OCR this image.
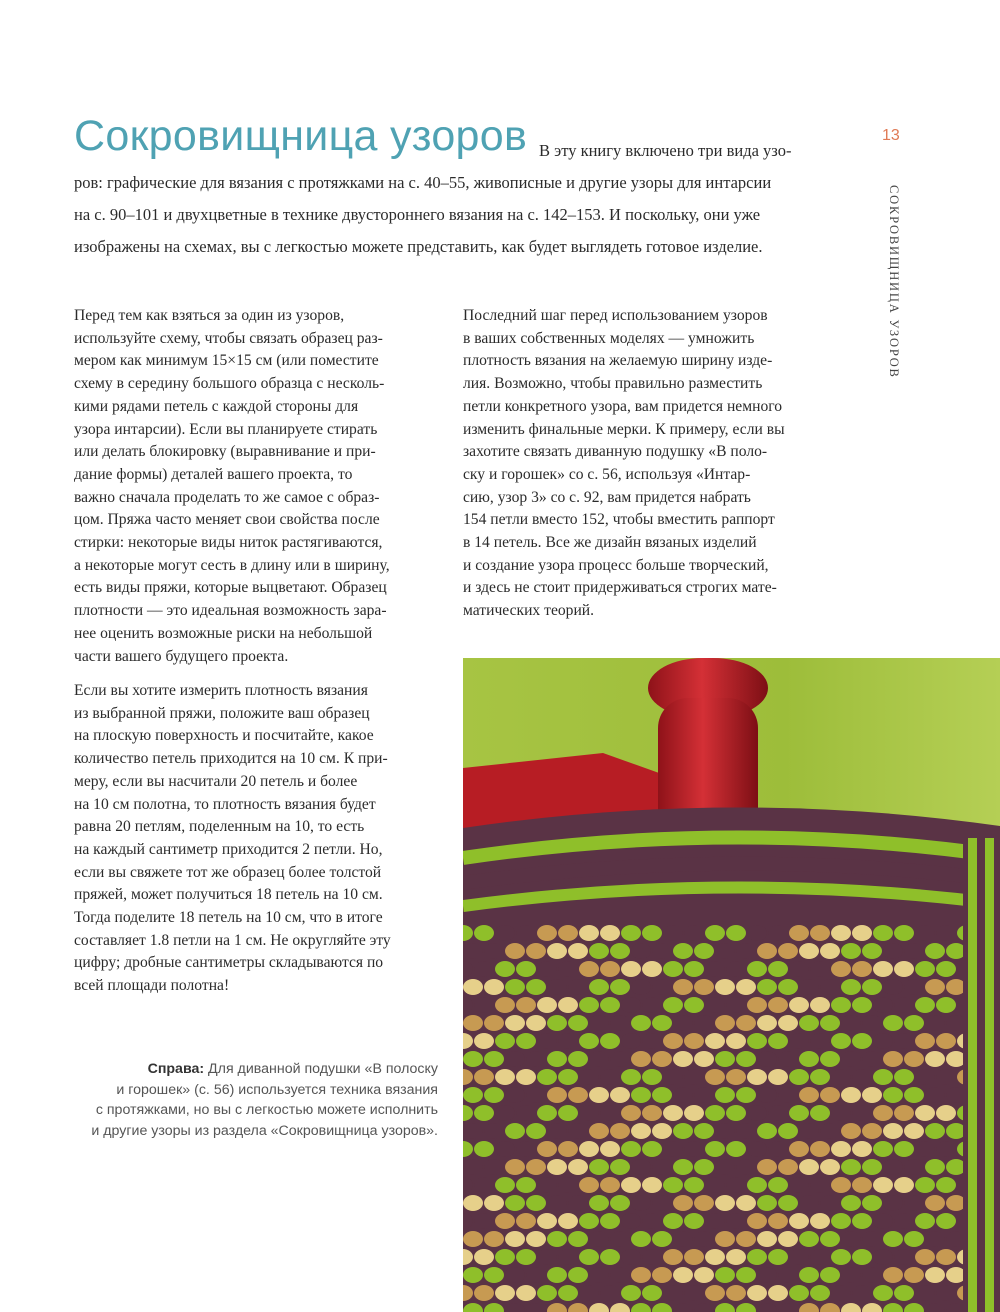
Сокровищница узоров В эту книгу включено три вида узо-
ров: графические для вязания с протяжками на с. 40–55, живописные и другие узоры для интарсии
на с. 90–101 и двухцветные в технике двустороннего вязания на с. 142–153. И поскольку, они уже
изображены на схемах, вы с легкостью можете представить, как будет выглядеть готовое изделие.

13

СОКРОВИЩНИЦА УЗОРОВ

Перед тем как взяться за один из узоров,
используйте схему, чтобы связать образец раз-
мером как минимум 15×15 см (или поместите
схему в середину большого образца с несколь-
кими рядами петель с каждой стороны для
узора интарсии). Если вы планируете стирать
или делать блокировку (выравнивание и при-
дание формы) деталей вашего проекта, то
важно сначала проделать то же самое с образ-
цом. Пряжа часто меняет свои свойства после
стирки: некоторые виды ниток растягиваются,
а некоторые могут сесть в длину или в ширину,
есть виды пряжи, которые выцветают. Образец
плотности — это идеальная возможность зара-
нее оценить возможные риски на небольшой
части вашего будущего проекта.

Если вы хотите измерить плотность вязания
из выбранной пряжи, положите ваш образец
на плоскую поверхность и посчитайте, какое
количество петель приходится на 10 см. К при-
меру, если вы насчитали 20 петель и более
на 10 см полотна, то плотность вязания будет
равна 20 петлям, поделенным на 10, то есть
на каждый сантиметр приходится 2 петли. Но,
если вы свяжете тот же образец более толстой
пряжей, может получиться 18 петель на 10 см.
Тогда поделите 18 петель на 10 см, что в итоге
составляет 1.8 петли на 1 см. Не округляйте эту
цифру; дробные сантиметры складываются по
всей площади полотна!

Последний шаг перед использованием узоров
в ваших собственных моделях — умножить
плотность вязания на желаемую ширину изде-
лия. Возможно, чтобы правильно разместить
петли конкретного узора, вам придется немного
изменить финальные мерки. К примеру, если вы
захотите связать диванную подушку «В поло-
ску и горошек» со с. 56, используя «Интар-
сию, узор 3» со с. 92, вам придется набрать
154 петли вместо 152, чтобы вместить раппорт
в 14 петель. Все же дизайн вязаных изделий
и создание узора процесс больше творческий,
и здесь не стоит придерживаться строгих мате-
матических теорий.

Справа: Для диванной подушки «В полоску
и горошек» (с. 56) используется техника вязания
с протяжками, но вы с легкостью можете исполнить
и другие узоры из раздела «Сокровищница узоров».
